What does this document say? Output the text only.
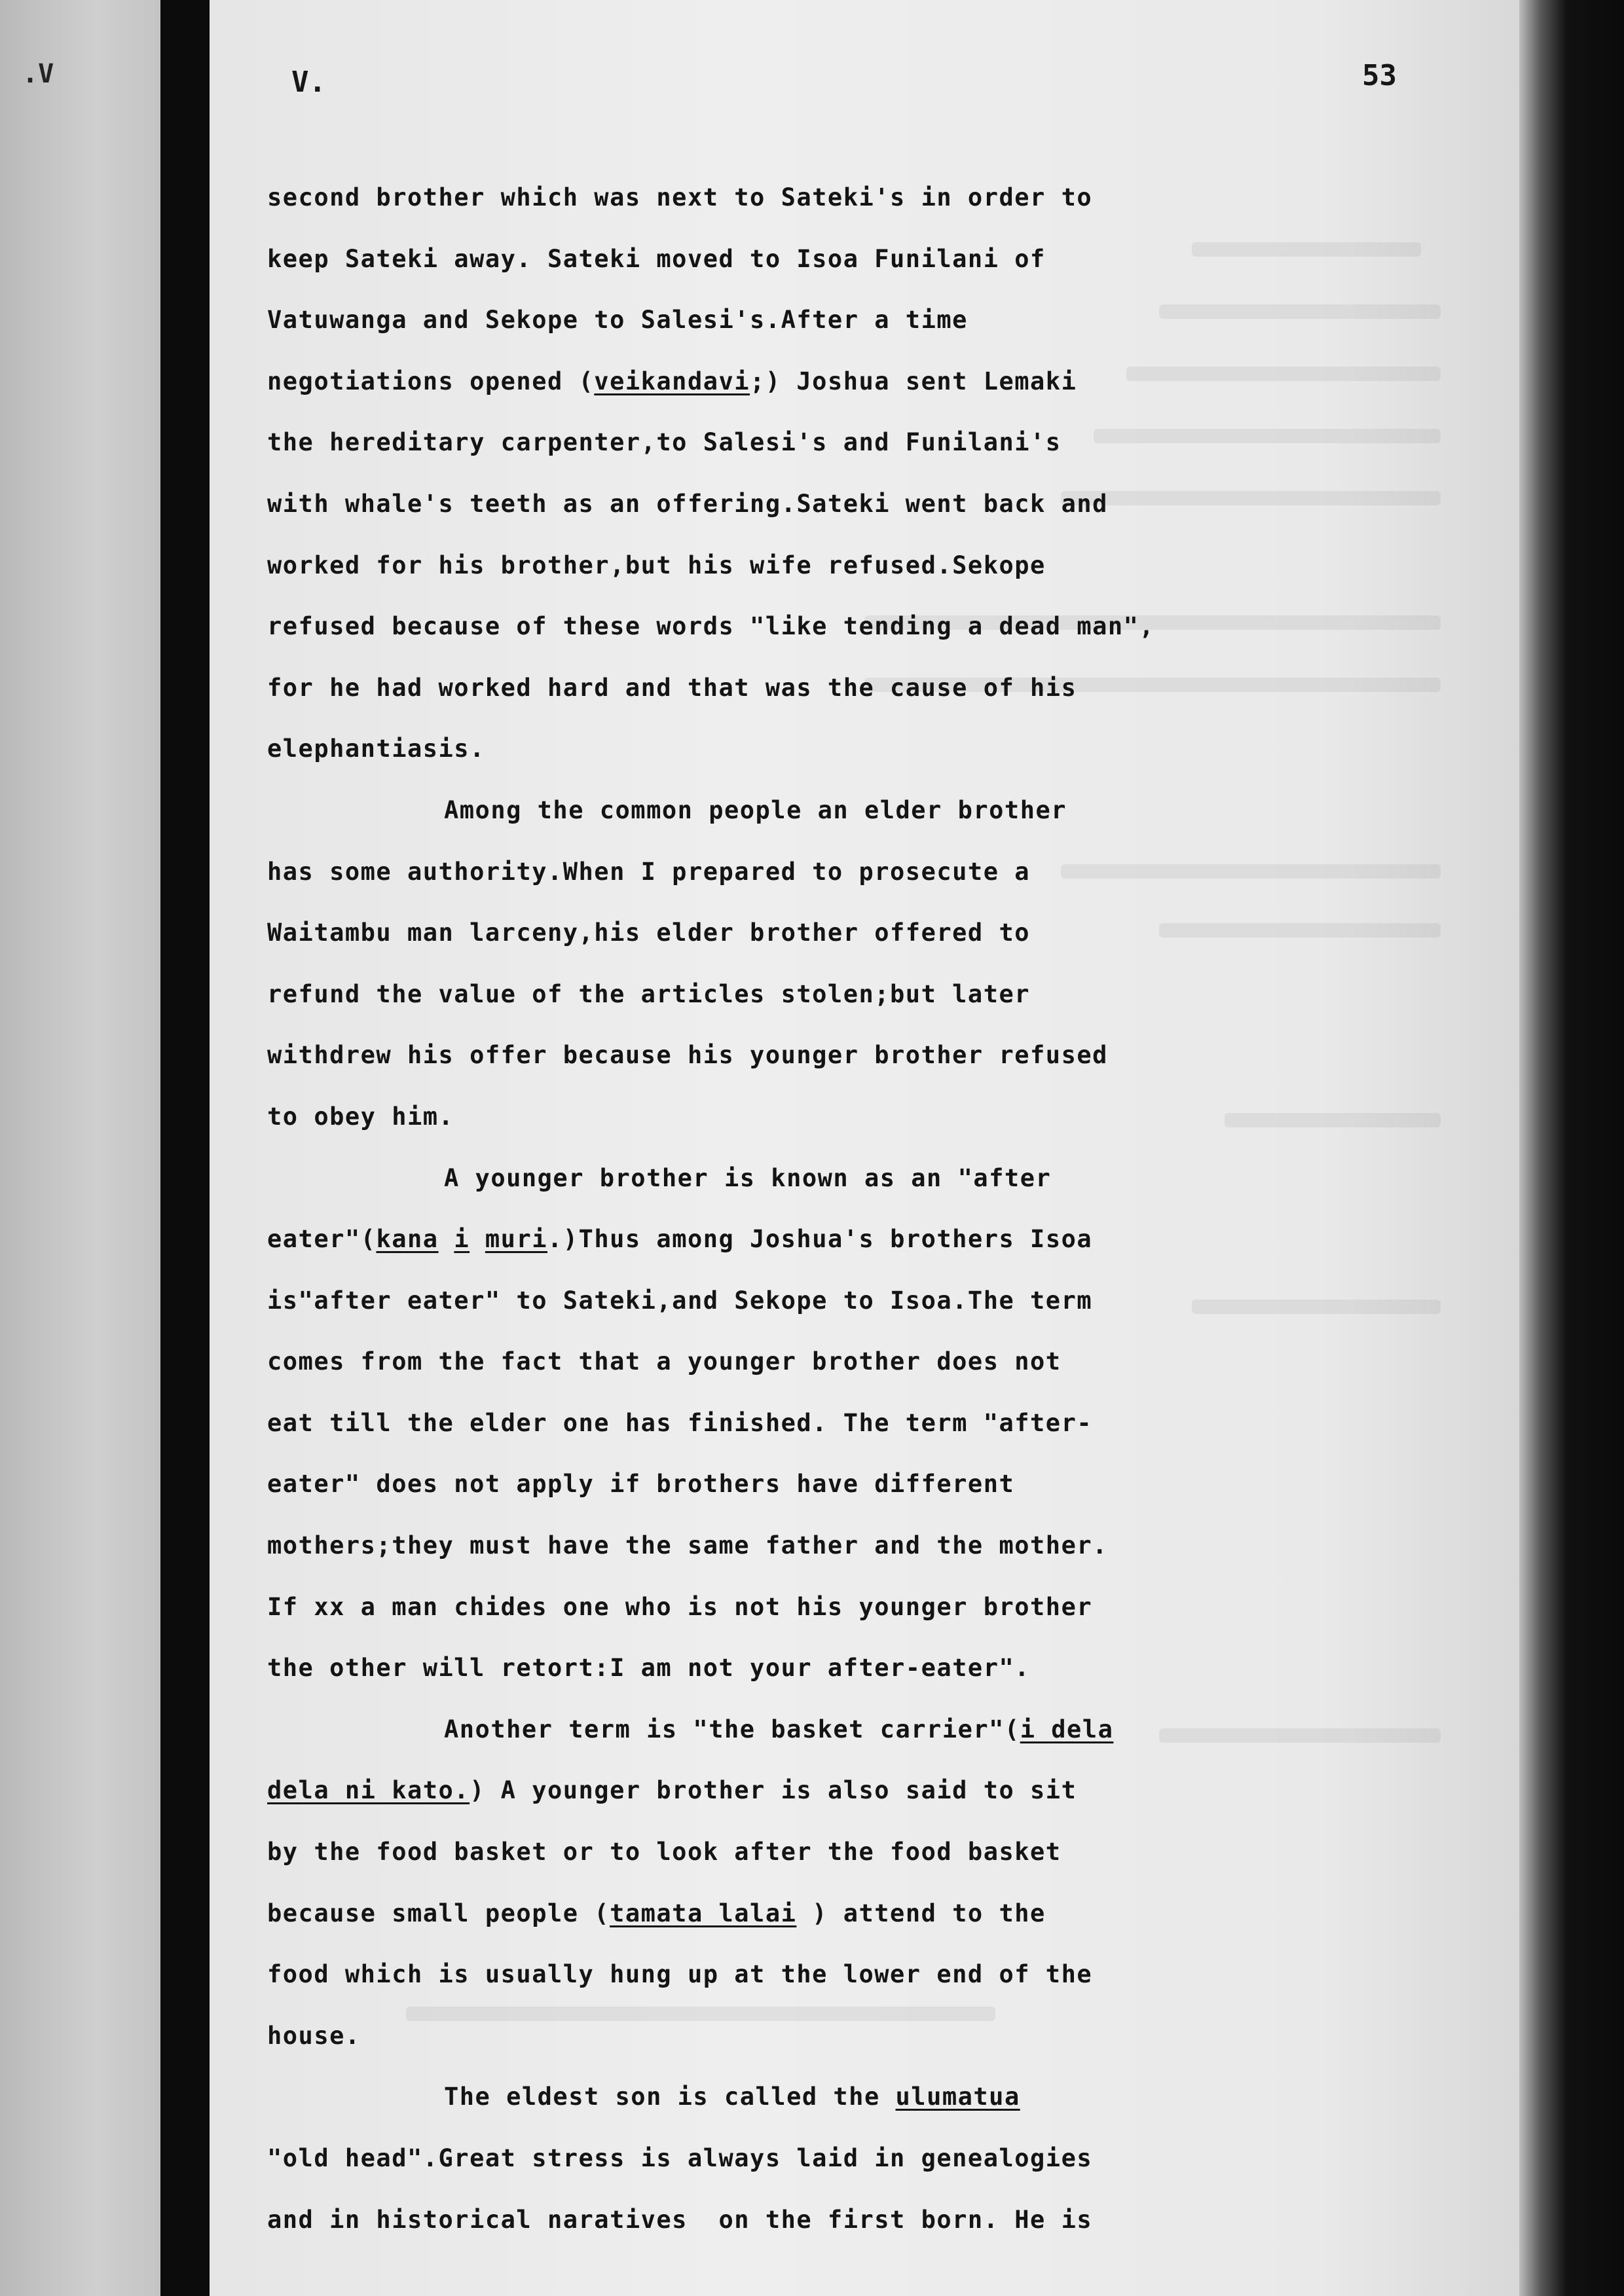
.V	V.	53
second brother which was next to Sateki's in order to
keep Sateki away. Sateki moved to Isoa Funilani of
Vatuwanga and Sekope to Salesi's.After a time
negotiations opened (veikandavi;) Joshua sent Lemaki
the hereditary carpenter,to Salesi's and Funilani's
with whale's teeth as an offering.Sateki went back and
worked for his brother,but his wife refused.Sekope
refused because of these words "like tending a dead man",
for he had worked hard and that was the cause of his
elephantiasis.
Among the common people an elder brother
has some authority.When I prepared to prosecute a
Waitambu man larceny,his elder brother offered to
refund the value of the articles stolen;but later
withdrew his offer because his younger brother refused
to obey him.
A younger brother is known as an "after
eater"(kana i muri.)Thus among Joshua's brothers Isoa
is"after eater" to Sateki,and Sekope to Isoa.The term
comes from the fact that a younger brother does not
eat till the elder one has finished. The term "after-
eater" does not apply if brothers have different
mothers;they must have the same father and the mother.
If xx a man chides one who is not his younger brother
the other will retort:I am not your after-eater".
Another term is "the basket carrier"(i dela
dela ni kato.) A younger brother is also said to sit
by the food basket or to look after the food basket
because small people (tamata lalai ) attend to the
food which is usually hung up at the lower end of the
house.
The eldest son is called the ulumatua
"old head".Great stress is always laid in genealogies
and in historical naratives  on the first born. He is
